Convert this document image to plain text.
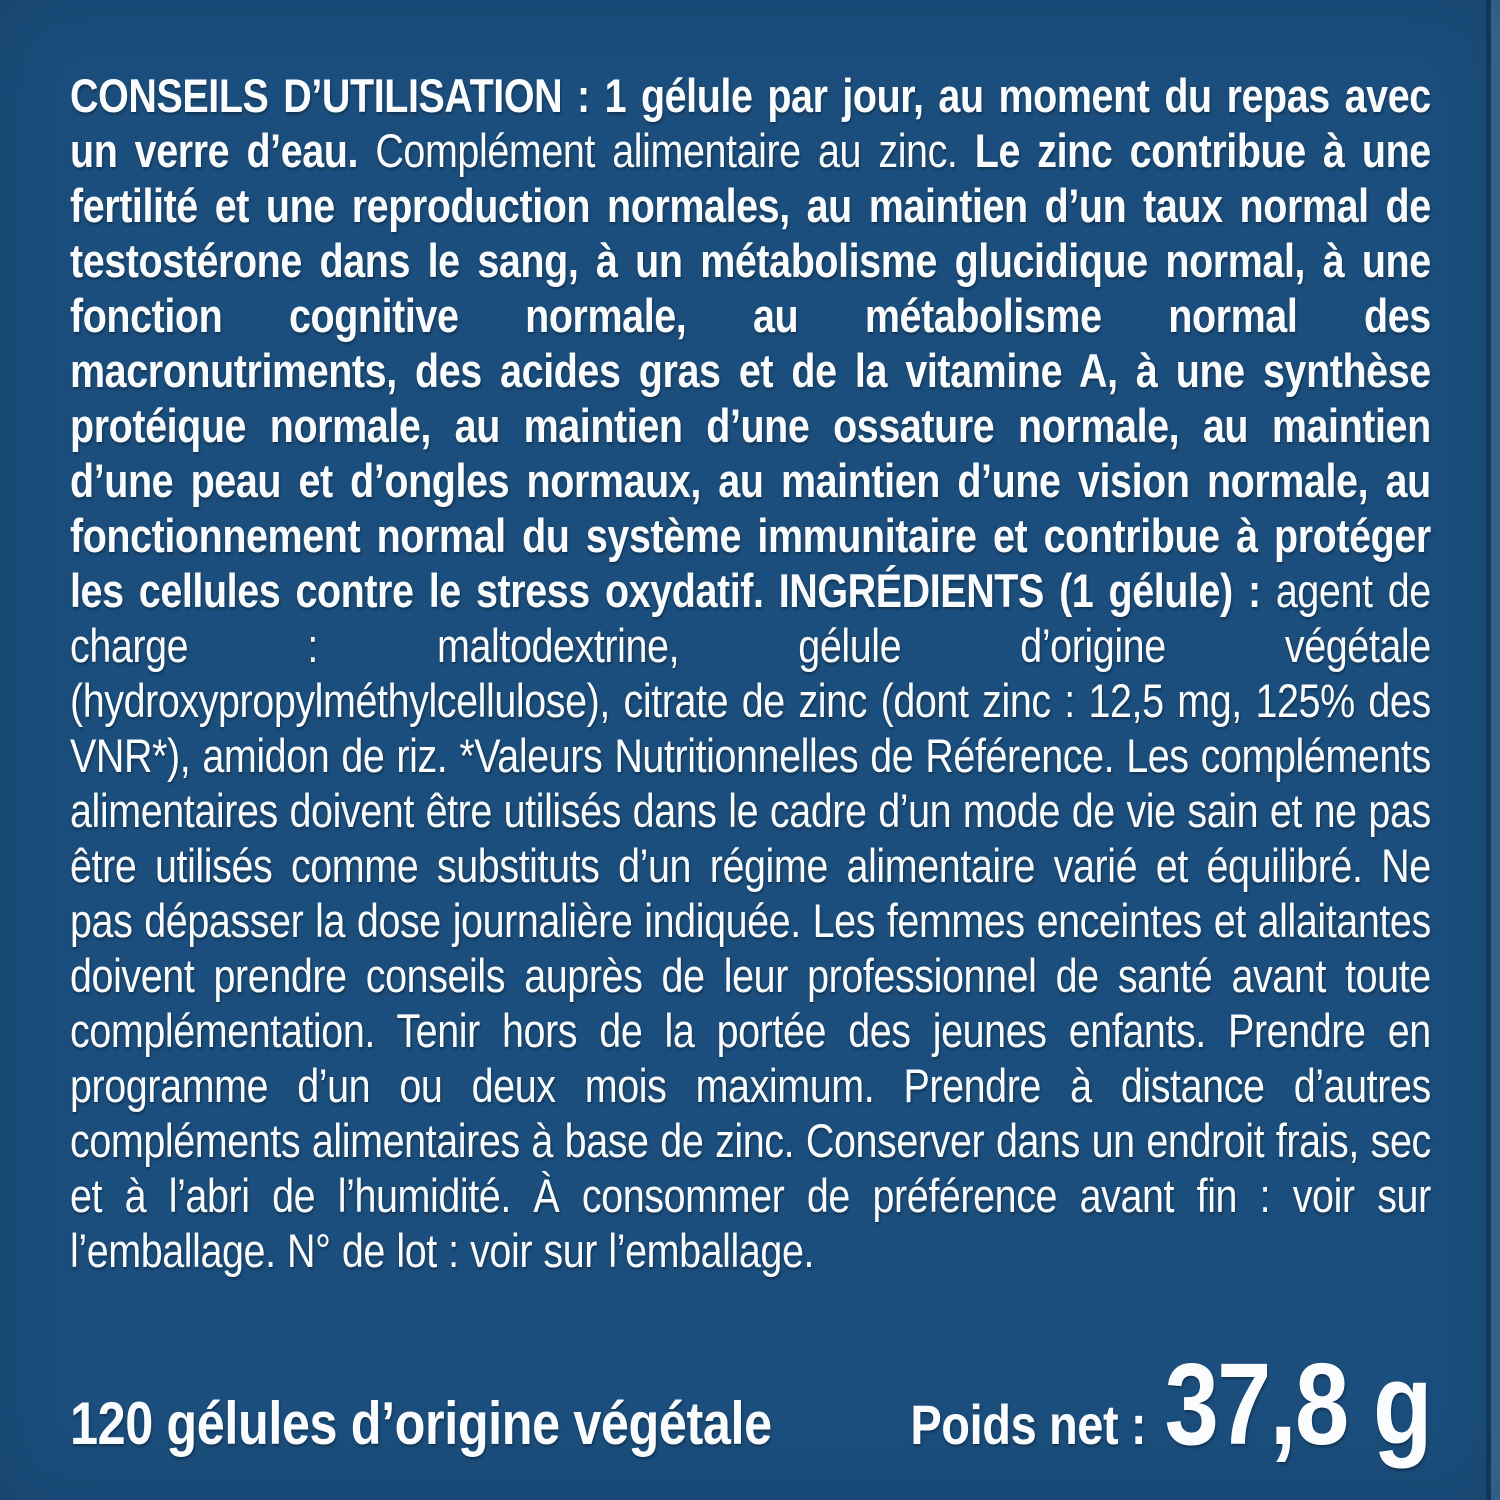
CONSEILS D’UTILISATION : 1 gélule par jour, au moment du repas avec un verre d’eau. Complément alimentaire au zinc. Le zinc contribue à une fertilité et une reproduction normales, au maintien d’un taux normal de testostérone dans le sang, à un métabolisme glucidique normal, à une fonction cognitive normale, au métabolisme normal des macronutriments, des acides gras et de la vitamine A, à une synthèse protéique normale, au maintien d’une ossature normale, au maintien d’une peau et d’ongles normaux, au maintien d’une vision normale, au fonctionnement normal du système immunitaire et contribue à protéger les cellules contre le stress oxydatif. INGRÉDIENTS (1 gélule) : agent de charge : maltodextrine, gélule d’origine végétale (hydroxypropylméthylcellulose), citrate de zinc (dont zinc : 12,5 mg, 125% des VNR*), amidon de riz. *Valeurs Nutritionnelles de Référence. Les compléments alimentaires doivent être utilisés dans le cadre d’un mode de vie sain et ne pas être utilisés comme substituts d’un régime alimentaire varié et équilibré. Ne pas dépasser la dose journalière indiquée. Les femmes enceintes et allaitantes doivent prendre conseils auprès de leur professionnel de santé avant toute complémentation. Tenir hors de la portée des jeunes enfants. Prendre en programme d’un ou deux mois maximum. Prendre à distance d’autres compléments alimentaires à base de zinc. Conserver dans un endroit frais, sec et à l’abri de l’humidité. À consommer de préférence avant fin : voir sur l’emballage. N° de lot : voir sur l’emballage.

120 gélules d’origine végétale Poids net : 37,8 g
